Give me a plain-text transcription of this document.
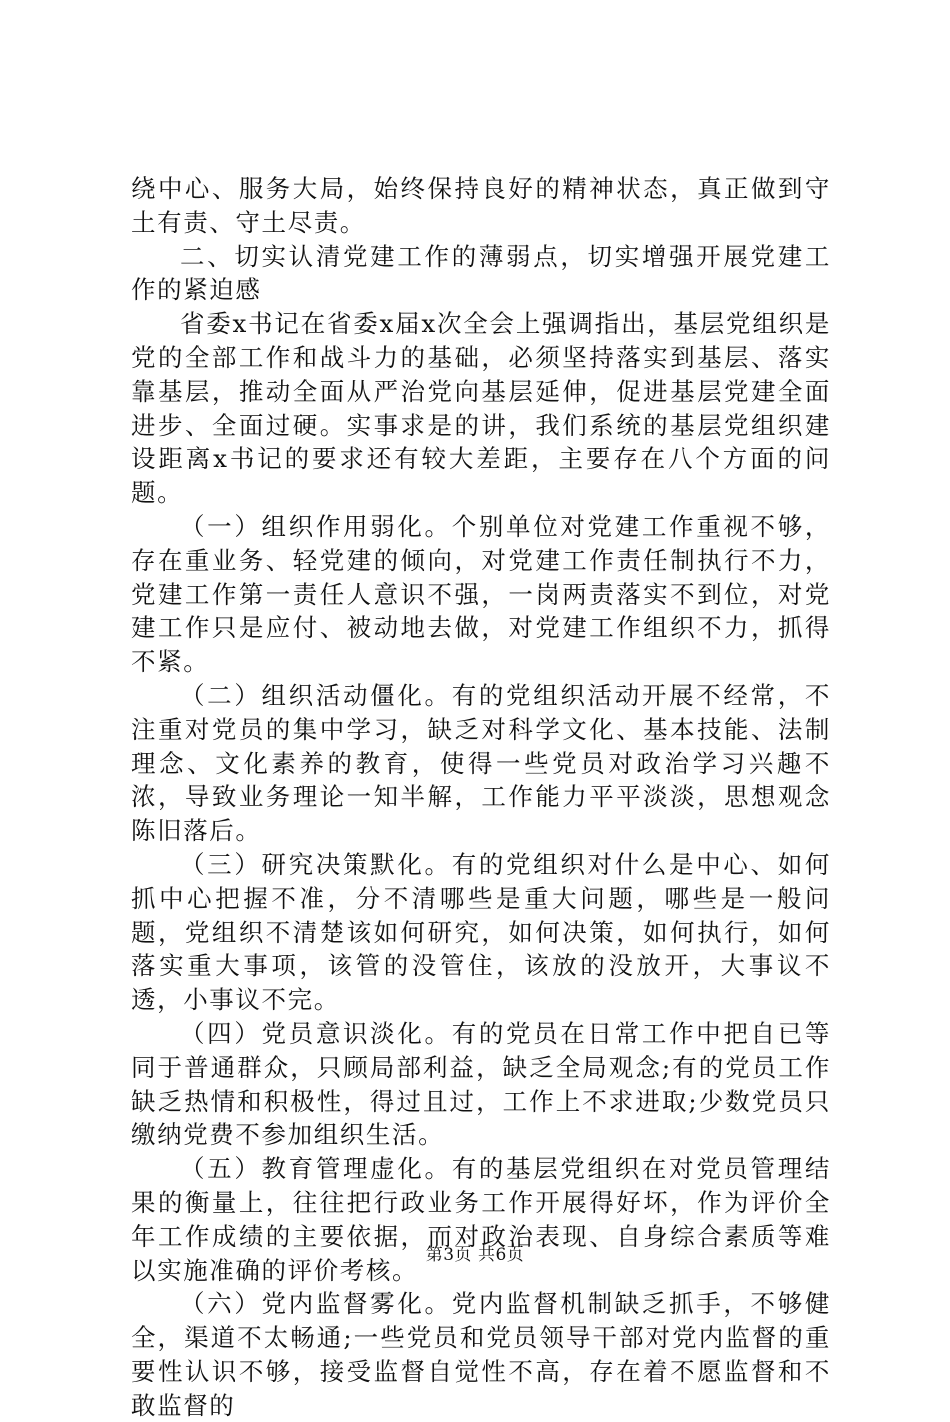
绕中心、服务大局，始终保持良好的精神状态，真正做到守土有责、守土尽责。

二、切实认清党建工作的薄弱点，切实增强开展党建工作的紧迫感

省委x书记在省委x届x次全会上强调指出，基层党组织是党的全部工作和战斗力的基础，必须坚持落实到基层、落实靠基层，推动全面从严治党向基层延伸，促进基层党建全面进步、全面过硬。实事求是的讲，我们系统的基层党组织建设距离x书记的要求还有较大差距，主要存在八个方面的问题。

（一）组织作用弱化。个别单位对党建工作重视不够，存在重业务、轻党建的倾向，对党建工作责任制执行不力，党建工作第一责任人意识不强，一岗两责落实不到位，对党建工作只是应付、被动地去做，对党建工作组织不力，抓得不紧。

（二）组织活动僵化。有的党组织活动开展不经常，不注重对党员的集中学习，缺乏对科学文化、基本技能、法制理念、文化素养的教育，使得一些党员对政治学习兴趣不浓，导致业务理论一知半解，工作能力平平淡淡，思想观念陈旧落后。

（三）研究决策默化。有的党组织对什么是中心、如何抓中心把握不准，分不清哪些是重大问题，哪些是一般问题，党组织不清楚该如何研究，如何决策，如何执行，如何落实重大事项，该管的没管住，该放的没放开，大事议不透，小事议不完。

（四）党员意识淡化。有的党员在日常工作中把自已等同于普通群众，只顾局部利益，缺乏全局观念;有的党员工作缺乏热情和积极性，得过且过，工作上不求进取;少数党员只缴纳党费不参加组织生活。

（五）教育管理虚化。有的基层党组织在对党员管理结果的衡量上，往往把行政业务工作开展得好坏，作为评价全年工作成绩的主要依据，而对政治表现、自身综合素质等难以实施准确的评价考核。

（六）党内监督雾化。党内监督机制缺乏抓手，不够健全，渠道不太畅通;一些党员和党员领导干部对党内监督的重要性认识不够，接受监督自觉性不高，存在着不愿监督和不敢监督的

第3页 共6页
